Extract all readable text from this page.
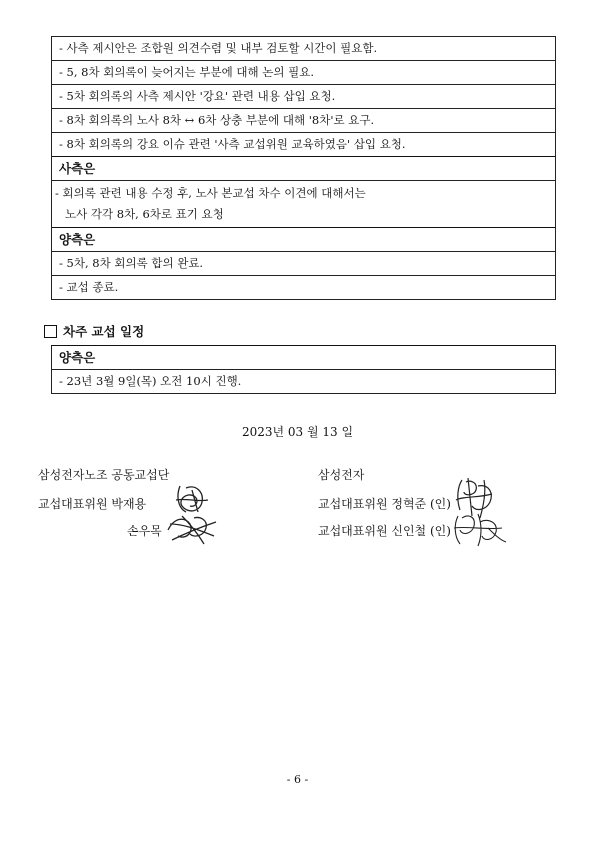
- 사측 제시안은 조합원 의견수렴 및 내부 검토할 시간이 필요함.
- 5, 8차 회의록이 늦어지는 부분에 대해 논의 필요.
- 5차 회의록의 사측 제시안 '강요' 관련 내용 삽입 요청.
- 8차 회의록의 노사 8차 ↔ 6차 상충 부분에 대해 '8차'로 요구.
- 8차 회의록의 강요 이슈 관련 '사측 교섭위원 교육하였음' 삽입 요청.
사측은

- 회의록 관련 내용 수정 후, 노사 본교섭 차수 이견에 대해서는
노사 각각 8차, 6차로 표기 요청

양측은
- 5차, 8차 회의록 합의 완료.
- 교섭 종료.
차주 교섭 일정
양측은
- 23년 3월 9일(목) 오전 10시 진행.
2023년 03 월 13 일
삼성전자노조 공동교섭단
교섭대표위원 박재용
손우목
삼성전자
교섭대표위원 정혁준 (인)
교섭대표위원 신인철 (인)
- 6 -
